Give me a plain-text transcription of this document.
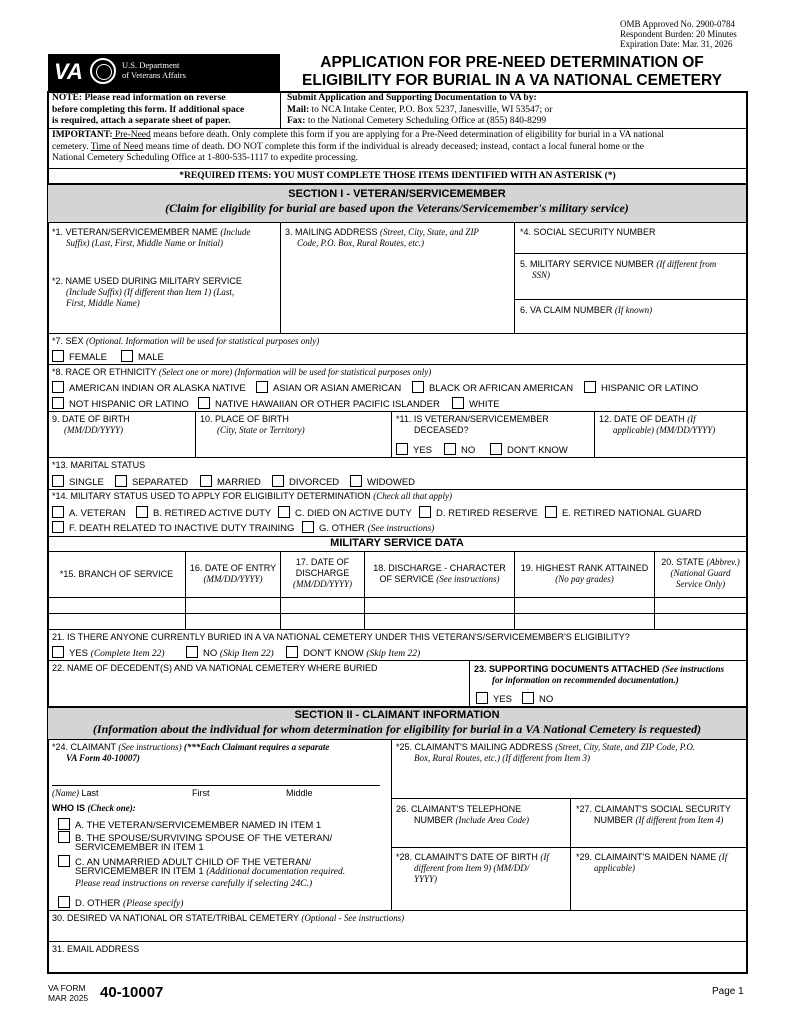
OMB Approved No. 2900-0784
Respondent Burden: 20 Minutes
Expiration Date: Mar. 31, 2026
VA	U.S. Department
of Veterans Affairs
APPLICATION FOR PRE-NEED DETERMINATION OF
ELIGIBILITY FOR BURIAL IN A VA NATIONAL CEMETERY
NOTE: Please read information on reverse
before completing this form. If additional space
is required, attach a separate sheet of paper.
Submit Application and Supporting Documentation to VA by:
Mail: to NCA Intake Center, P.O. Box 5237, Janesville, WI 53547; or
Fax: to the National Cemetery Scheduling Office at (855) 840-8299
IMPORTANT: Pre-Need means before death. Only complete this form if you are applying for a Pre-Need determination of eligibility for burial in a VA national
cemetery. Time of Need means time of death. DO NOT complete this form if the individual is already deceased; instead, contact a local funeral home or the
National Cemetery Scheduling Office at 1-800-535-1117 to expedite processing.
*REQUIRED ITEMS: YOU MUST COMPLETE THOSE ITEMS IDENTIFIED WITH AN ASTERISK (*)
SECTION I - VETERAN/SERVICEMEMBER
(Claim for eligibility for burial are based upon the Veterans/Servicemember's military service)
*1. VETERAN/SERVICEMEMBER NAME (Include
Suffix) (Last, First, Middle Name or Initial)
*2. NAME USED DURING MILITARY SERVICE
(Include Suffix) (If different than Item 1) (Last,
First, Middle Name)
3. MAILING ADDRESS (Street, City, State, and ZIP
Code, P.O. Box, Rural Routes, etc.)
*4. SOCIAL SECURITY NUMBER
5. MILITARY SERVICE NUMBER (If different from
SSN)
6. VA CLAIM NUMBER (If known)
*7. SEX (Optional. Information will be used for statistical purposes only)
FEMALE	MALE
*8. RACE OR ETHNICITY (Select one or more) (Information will be used for statistical purposes only)
AMERICAN INDIAN OR ALASKA NATIVE	ASIAN OR ASIAN AMERICAN	BLACK OR AFRICAN AMERICAN	HISPANIC OR LATINO
NOT HISPANIC OR LATINO	NATIVE HAWAIIAN OR OTHER PACIFIC ISLANDER	WHITE
9. DATE OF BIRTH
(MM/DD/YYYY)
10. PLACE OF BIRTH
(City, State or Territory)
*11. IS VETERAN/SERVICEMEMBER
DECEASED?
YES	NO	DON'T KNOW
12. DATE OF DEATH (If
applicable) (MM/DD/YYYY)
*13. MARITAL STATUS
SINGLE	SEPARATED	MARRIED	DIVORCED	WIDOWED
*14. MILITARY STATUS USED TO APPLY FOR ELIGIBILITY DETERMINATION (Check all that apply)
A. VETERAN	B. RETIRED ACTIVE DUTY	C. DIED ON ACTIVE DUTY	D. RETIRED RESERVE	E. RETIRED NATIONAL GUARD
F. DEATH RELATED TO INACTIVE DUTY TRAINING	G. OTHER (See instructions)
MILITARY SERVICE DATA
*15. BRANCH OF SERVICE
16. DATE OF ENTRY
(MM/DD/YYYY)
17. DATE OF
DISCHARGE
(MM/DD/YYYY)
18. DISCHARGE - CHARACTER
OF SERVICE (See instructions)
19. HIGHEST RANK ATTAINED
(No pay grades)
20. STATE (Abbrev.)
(National Guard
Service Only)
21. IS THERE ANYONE CURRENTLY BURIED IN A VA NATIONAL CEMETERY UNDER THIS VETERAN'S/SERVICEMEMBER'S ELIGIBILITY?
YES (Complete Item 22)	NO (Skip Item 22)	DON'T KNOW (Skip Item 22)
22. NAME OF DECEDENT(S) AND VA NATIONAL CEMETERY WHERE BURIED	23. SUPPORTING DOCUMENTS ATTACHED (See instructions
for information on recommended documentation.)
YES	NO
SECTION II - CLAIMANT INFORMATION
(Information about the individual for whom determination for eligibility for burial in a VA National Cemetery is requested)
*24. CLAIMANT (See instructions) (***Each Claimant requires a separate
VA Form 40-10007)
(Name) Last	First	Middle
WHO IS (Check one):
A. THE VETERAN/SERVICEMEMBER NAMED IN ITEM 1
B. THE SPOUSE/SURVIVING SPOUSE OF THE VETERAN/
SERVICEMEMBER IN ITEM 1
C. AN UNMARRIED ADULT CHILD OF THE VETERAN/
SERVICEMEMBER IN ITEM 1 (Additional documentation required.
Please read instructions on reverse carefully if selecting 24C.)
D. OTHER (Please specify)
*25. CLAIMANT'S MAILING ADDRESS (Street, City, State, and ZIP Code, P.O.
Box, Rural Routes, etc.) (If different from Item 3)
26. CLAIMANT'S TELEPHONE
NUMBER (Include Area Code)
*27. CLAIMANT'S SOCIAL SECURITY
NUMBER (If different from Item 4)
*28. CLAMAINT'S DATE OF BIRTH (If
different from Item 9) (MM/DD/
YYYY)
*29. CLAIMAINT'S MAIDEN NAME (If
applicable)
30. DESIRED VA NATIONAL OR STATE/TRIBAL CEMETERY (Optional - See instructions)
31. EMAIL ADDRESS
VA FORM
MAR 2025 40-10007	Page 1
